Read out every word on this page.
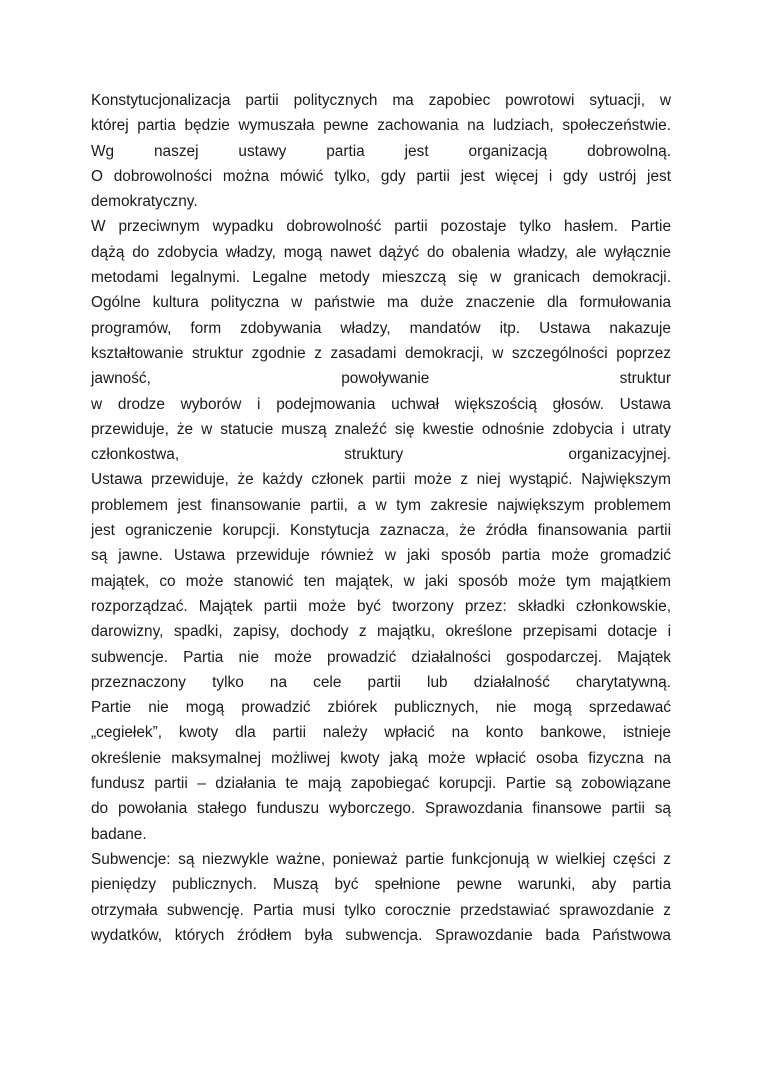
Konstytucjonalizacja partii politycznych ma zapobiec powrotowi sytuacji, w
której partia będzie wymuszała pewne zachowania na ludziach, społeczeństwie.
Wg naszej ustawy partia jest organizacją dobrowolną.
O dobrowolności można mówić tylko, gdy partii jest więcej i gdy ustrój jest
demokratyczny.
W przeciwnym wypadku dobrowolność partii pozostaje tylko hasłem. Partie
dążą do zdobycia władzy, mogą nawet dążyć do obalenia władzy, ale wyłącznie
metodami legalnymi. Legalne metody mieszczą się w granicach demokracji.
Ogólne kultura polityczna w państwie ma duże znaczenie dla formułowania
programów, form zdobywania władzy, mandatów itp. Ustawa nakazuje
kształtowanie struktur zgodnie z zasadami demokracji, w szczególności poprzez
jawność, powoływanie struktur
w drodze wyborów i podejmowania uchwał większością głosów. Ustawa
przewiduje, że w statucie muszą znaleźć się kwestie odnośnie zdobycia i utraty
członkostwa, struktury organizacyjnej.
Ustawa przewiduje, że każdy członek partii może z niej wystąpić. Największym
problemem jest finansowanie partii, a w tym zakresie największym problemem
jest ograniczenie korupcji. Konstytucja zaznacza, że źródła finansowania partii
są jawne. Ustawa przewiduje również w jaki sposób partia może gromadzić
majątek, co może stanowić ten majątek, w jaki sposób może tym majątkiem
rozporządzać. Majątek partii może być tworzony przez: składki członkowskie,
darowizny, spadki, zapisy, dochody z majątku, określone przepisami dotacje i
subwencje. Partia nie może prowadzić działalności gospodarczej. Majątek
przeznaczony tylko na cele partii lub działalność charytatywną.
Partie nie mogą prowadzić zbiórek publicznych, nie mogą sprzedawać
„cegiełek”, kwoty dla partii należy wpłacić na konto bankowe, istnieje
określenie maksymalnej możliwej kwoty jaką może wpłacić osoba fizyczna na
fundusz partii – działania te mają zapobiegać korupcji. Partie są zobowiązane
do powołania stałego funduszu wyborczego. Sprawozdania finansowe partii są
badane.
Subwencje: są niezwykle ważne, ponieważ partie funkcjonują w wielkiej części z
pieniędzy publicznych. Muszą być spełnione pewne warunki, aby partia
otrzymała subwencję. Partia musi tylko corocznie przedstawiać sprawozdanie z
wydatków, których źródłem była subwencja. Sprawozdanie bada Państwowa
